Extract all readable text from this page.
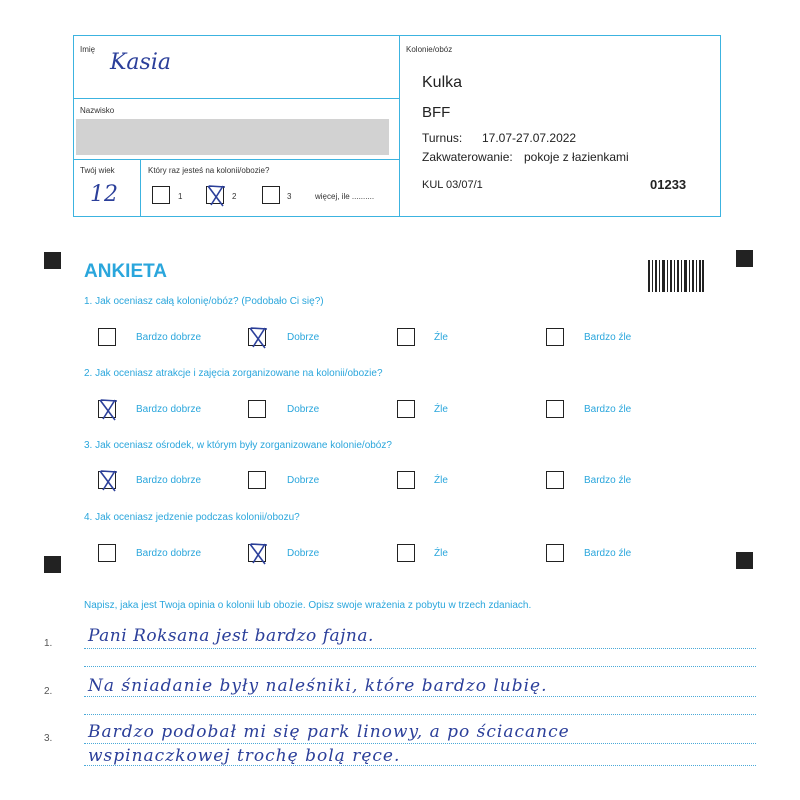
Imię
Kasia
Nazwisko
Twój wiek
12
Który raz jesteś na kolonii/obozie?
1	2	3	więcej, ile ..........
Kolonie/obóz
Kulka
BFF
Turnus: 17.07-27.07.2022
Zakwaterowanie: pokoje z łazienkami
KUL 03/07/1	01233
ANKIETA
1. Jak oceniasz całą kolonię/obóz? (Podobało Ci się?)
2. Jak oceniasz atrakcje i zajęcia zorganizowane na kolonii/obozie?
3. Jak oceniasz ośrodek, w którym były zorganizowane kolonie/obóz?
4. Jak oceniasz jedzenie podczas kolonii/obozu?
Bardzo dobrze	Dobrze	Źle	Bardzo źle
Bardzo dobrze	Dobrze	Źle	Bardzo źle
Bardzo dobrze	Dobrze	Źle	Bardzo źle
Bardzo dobrze	Dobrze	Źle	Bardzo źle
Napisz, jaka jest Twoja opinia o kolonii lub obozie. Opisz swoje wrażenia z pobytu w trzech zdaniach.
1.
2.
3.
Pani Roksana jest bardzo fajna.
Na śniadanie były naleśniki, które bardzo lubię.
Bardzo podobał mi się park linowy, a po ściacance
wspinaczkowej trochę bolą ręce.
